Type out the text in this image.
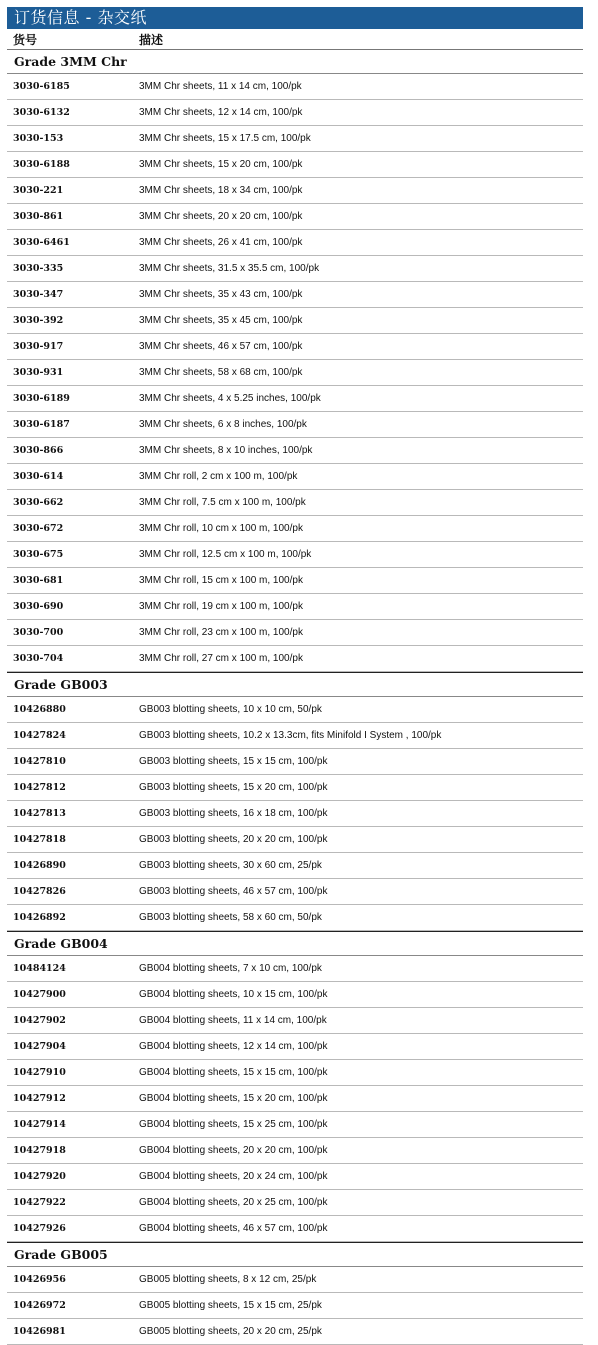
订货信息 - 杂交纸
货号	描述
Grade 3MM Chr
3030-6185	3MM Chr sheets, 11 x 14 cm, 100/pk
3030-6132	3MM Chr sheets, 12 x 14 cm, 100/pk
3030-153	3MM Chr sheets, 15 x 17.5 cm, 100/pk
3030-6188	3MM Chr sheets, 15 x 20 cm, 100/pk
3030-221	3MM Chr sheets, 18 x 34 cm, 100/pk
3030-861	3MM Chr sheets, 20 x 20 cm, 100/pk
3030-6461	3MM Chr sheets, 26 x 41 cm, 100/pk
3030-335	3MM Chr sheets, 31.5 x 35.5 cm, 100/pk
3030-347	3MM Chr sheets, 35 x 43 cm, 100/pk
3030-392	3MM Chr sheets, 35 x 45 cm, 100/pk
3030-917	3MM Chr sheets, 46 x 57 cm, 100/pk
3030-931	3MM Chr sheets, 58 x 68 cm, 100/pk
3030-6189	3MM Chr sheets, 4 x 5.25 inches, 100/pk
3030-6187	3MM Chr sheets, 6 x 8 inches, 100/pk
3030-866	3MM Chr sheets, 8 x 10 inches, 100/pk
3030-614	3MM Chr roll, 2 cm x 100 m, 100/pk
3030-662	3MM Chr roll, 7.5 cm x 100 m, 100/pk
3030-672	3MM Chr roll, 10 cm x 100 m, 100/pk
3030-675	3MM Chr roll, 12.5 cm x 100 m, 100/pk
3030-681	3MM Chr roll, 15 cm x 100 m, 100/pk
3030-690	3MM Chr roll, 19 cm x 100 m, 100/pk
3030-700	3MM Chr roll, 23 cm x 100 m, 100/pk
3030-704	3MM Chr roll, 27 cm x 100 m, 100/pk
Grade GB003
10426880	GB003 blotting sheets, 10 x 10 cm, 50/pk
10427824	GB003 blotting sheets, 10.2 x 13.3cm, fits Minifold I System , 100/pk
10427810	GB003 blotting sheets, 15 x 15 cm, 100/pk
10427812	GB003 blotting sheets, 15 x 20 cm, 100/pk
10427813	GB003 blotting sheets, 16 x 18 cm, 100/pk
10427818	GB003 blotting sheets, 20 x 20 cm, 100/pk
10426890	GB003 blotting sheets, 30 x 60 cm, 25/pk
10427826	GB003 blotting sheets, 46 x 57 cm, 100/pk
10426892	GB003 blotting sheets, 58 x 60 cm, 50/pk
Grade GB004
10484124	GB004 blotting sheets, 7 x 10 cm, 100/pk
10427900	GB004 blotting sheets, 10 x 15 cm, 100/pk
10427902	GB004 blotting sheets, 11 x 14 cm, 100/pk
10427904	GB004 blotting sheets, 12 x 14 cm, 100/pk
10427910	GB004 blotting sheets, 15 x 15 cm, 100/pk
10427912	GB004 blotting sheets, 15 x 20 cm, 100/pk
10427914	GB004 blotting sheets, 15 x 25 cm, 100/pk
10427918	GB004 blotting sheets, 20 x 20 cm, 100/pk
10427920	GB004 blotting sheets, 20 x 24 cm, 100/pk
10427922	GB004 blotting sheets, 20 x 25 cm, 100/pk
10427926	GB004 blotting sheets, 46 x 57 cm, 100/pk
Grade GB005
10426956	GB005 blotting sheets, 8 x 12 cm, 25/pk
10426972	GB005 blotting sheets, 15 x 15 cm, 25/pk
10426981	GB005 blotting sheets, 20 x 20 cm, 25/pk
